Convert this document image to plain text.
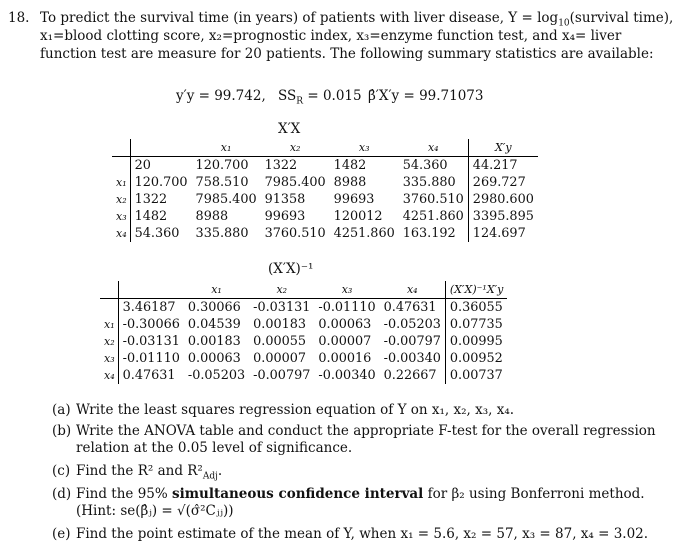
18. To predict the survival time (in years) of patients with liver disease, $Y = \log_{10}(survival$ time),
x₁=blood clotting score, x₂=prognostic index, x₃=enzyme function test, and x₄= liver
function test are measure for 20 patients. The following summary statistics are available:
y′y = 99.742, $SS_R = 0.015$ β̂′X′y = 99.71073
X′X
		x₁	x₂	x₃	x₄	X′y
	20	120.700	1322	1482	54.360	44.217
x₁	120.700	758.510	7985.400	8988	335.880	269.727
x₂	1322	7985.400	91358	99693	3760.510	2980.600
x₃	1482	8988	99693	120012	4251.860	3395.895
x₄	54.360	335.880	3760.510	4251.860	163.192	124.697
(X′X)⁻¹
		x₁	x₂	x₃	x₄	(X′X)⁻¹X′y
	3.46187	0.30066	-0.03131	-0.01110	0.47631	0.36055
x₁	-0.30066	0.04539	0.00183	0.00063	-0.05203	0.07735
x₂	-0.03131	0.00183	0.00055	0.00007	-0.00797	0.00995
x₃	-0.01110	0.00063	0.00007	0.00016	-0.00340	0.00952
x₄	0.47631	-0.05203	-0.00797	-0.00340	0.22667	0.00737
(a) Write the least squares regression equation of Y on x₁, x₂, x₃, x₄.
(b) Write the ANOVA table and conduct the appropriate F-test for the overall regression
relation at the 0.05 level of significance.
(c) Find the R² and $R^2_{Adj}$.
(d) Find the 95% simultaneous confidence interval for β₂ using Bonferroni method.
(Hint: se(β̂ⱼ) = √(σ̂²Cⱼⱼ))
(e) Find the point estimate of the mean of Y, when x₁ = 5.6, x₂ = 57, x₃ = 87, x₄ = 3.02.
